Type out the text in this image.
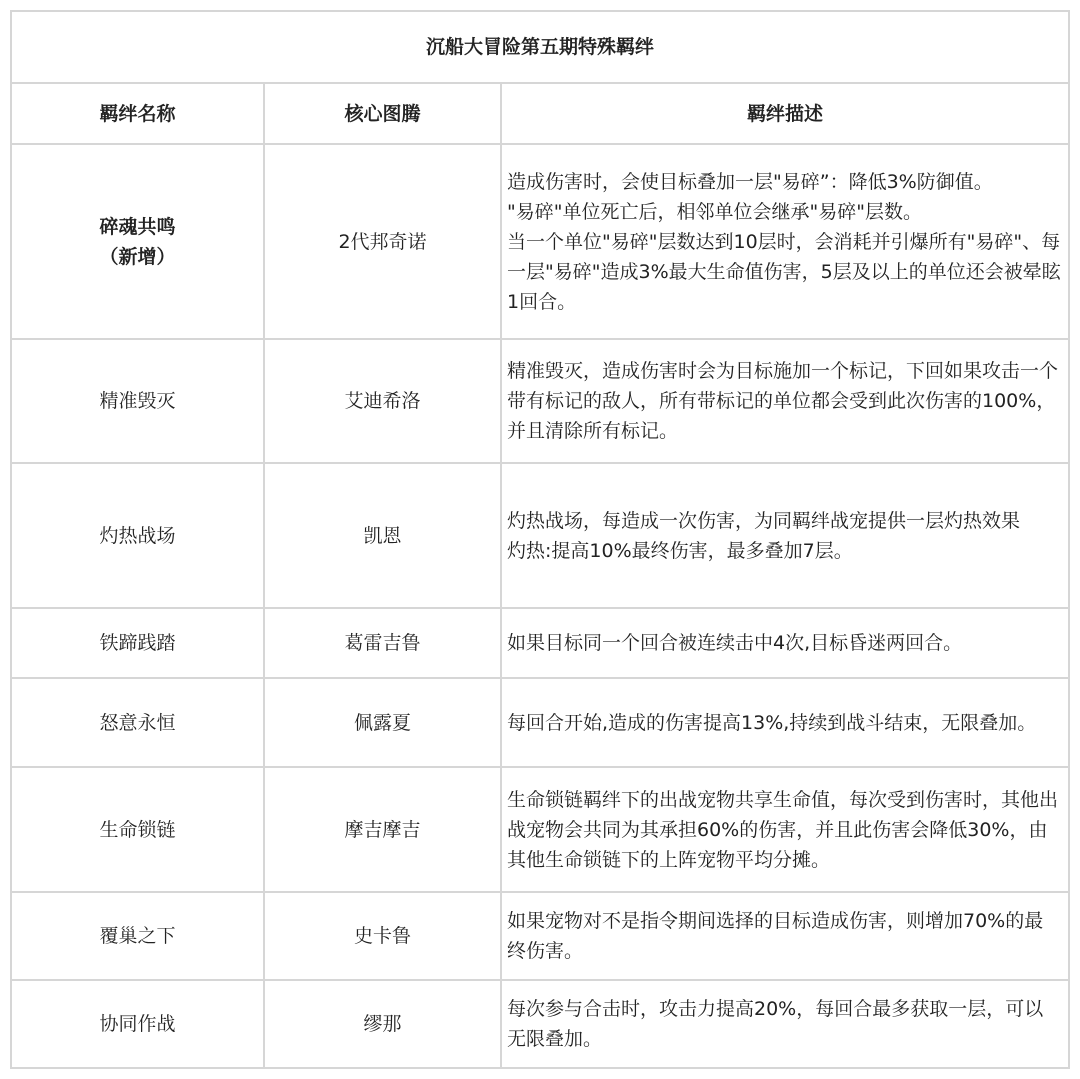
沉船大冒险第五期特殊羁绊		
羁绊名称	核心图腾	羁绊描述

碎魂共鸣
（新增）	2代邦奇诺	造成伤害时，会使目标叠加一层"易碎”：降低3%防御值。
"易碎"单位死亡后，相邻单位会继承"易碎"层数。
当一个单位"易碎"层数达到10层时，会消耗并引爆所有"易碎"、每一层"易碎"造成3%最大生命值伤害，5层及以上的单位还会被晕眩1回合。

精准毁灭	艾迪希洛	精准毁灭，造成伤害时会为目标施加一个标记，下回如果攻击一个带有标记的敌人，所有带标记的单位都会受到此次伤害的100%，并且清除所有标记。

灼热战场	凯恩	灼热战场，每造成一次伤害，为同羁绊战宠提供一层灼热效果
灼热:提高10%最终伤害，最多叠加7层。

铁蹄践踏	葛雷吉鲁	如果目标同一个回合被连续击中4次,目标昏迷两回合。

怒意永恒	佩露夏	每回合开始,造成的伤害提高13%,持续到战斗结束，无限叠加。

生命锁链	摩吉摩吉	生命锁链羁绊下的出战宠物共享生命值，每次受到伤害时，其他出战宠物会共同为其承担60%的伤害，并且此伤害会降低30%，由其他生命锁链下的上阵宠物平均分摊。

覆巢之下	史卡鲁	如果宠物对不是指令期间选择的目标造成伤害，则增加70%的最终伤害。

协同作战	缪那	每次参与合击时，攻击力提高20%，每回合最多获取一层，可以无限叠加。
